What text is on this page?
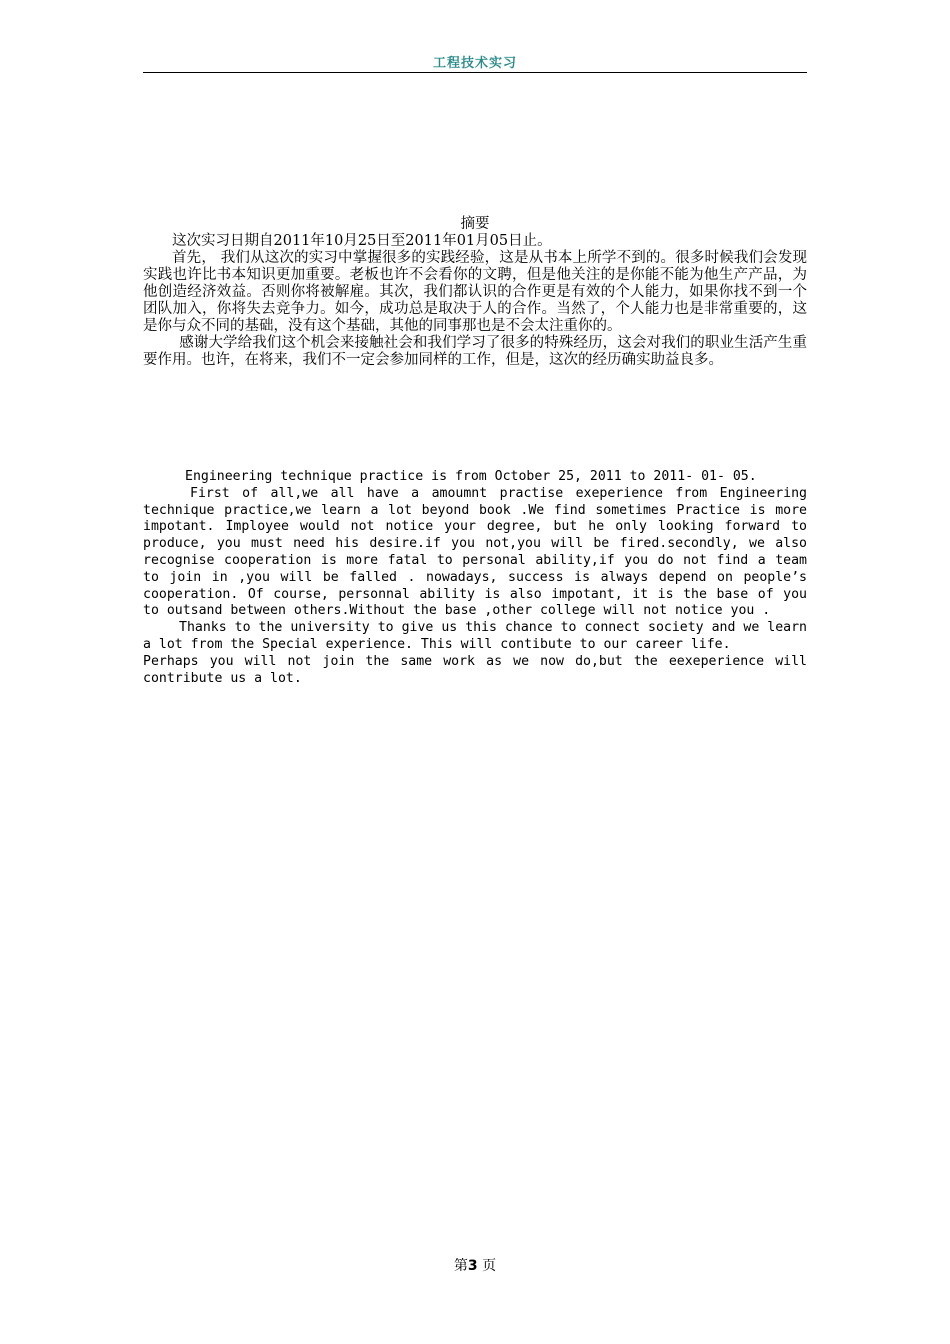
工程技术实习

摘要

这次实习日期自2011年10月25日至2011年01月05日止。

首先， 我们从这次的实习中掌握很多的实践经验，这是从书本上所学不到的。很多时候我们会发现实践也许比书本知识更加重要。老板也许不会看你的文聘，但是他关注的是你能不能为他生产产品，为他创造经济效益。否则你将被解雇。其次，我们都认识的合作更是有效的个人能力，如果你找不到一个团队加入，你将失去竞争力。如今，成功总是取决于人的合作。当然了，个人能力也是非常重要的，这是你与众不同的基础，没有这个基础，其他的同事那也是不会太注重你的。

感谢大学给我们这个机会来接触社会和我们学习了很多的特殊经历，这会对我们的职业生活产生重要作用。也许，在将来，我们不一定会参加同样的工作，但是，这次的经历确实助益良多。

Engineering technique practice is from October 25, 2011 to 2011- 01- 05.

First of all,we all have a amoumnt practise exeperience from Engineering technique practice,we learn a lot beyond book .We find sometimes Practice is more impotant. Imployee would not notice your degree, but he only looking forward to produce, you must need his desire.if you not,you will be fired.secondly, we also recognise cooperation is more fatal to personal ability,if you do not find a team to join in ,you will be falled . nowadays, success is always depend on people’s cooperation. Of course, personnal ability is also impotant, it is the base of you to outsand between others.Without the base ,other college will not notice you .

Thanks to the university to give us this chance to connect society and we learn a lot from the Special experience. This will contibute to our career life.

Perhaps you will not join the same work as we now do,but the eexeperience will contribute us a lot.

第3 页
